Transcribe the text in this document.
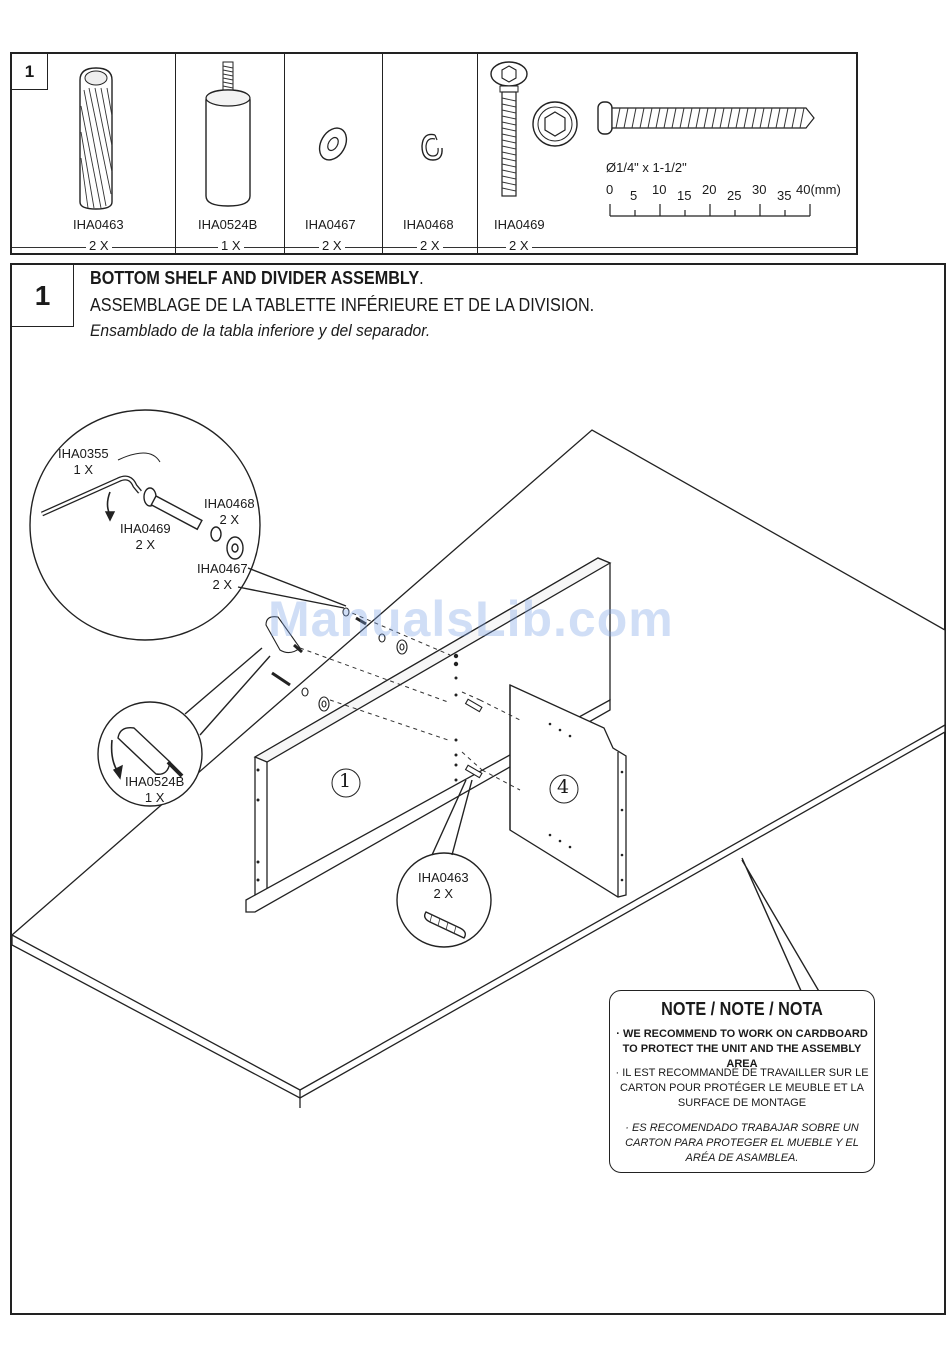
1
IHA0463
2 X
IHA0524B
1 X
IHA0467
2 X
IHA0468
2 X
Ø1/4" x 1-1/2"
0 5 10 15 20 25 30 35 40(mm)
IHA0469
2 X
1
BOTTOM SHELF AND DIVIDER ASSEMBLY.
ASSEMBLAGE DE LA TABLETTE INFÉRIEURE ET DE LA DIVISION.
Ensamblado de la tabla inferiore y del separador.
1	4
IHA0355
1 X
IHA0469
2 X
IHA0468
2 X
IHA0467
2 X
IHA0524B
1 X
IHA0463
2 X
ManualsLib.com
NOTE / NOTE / NOTA
· WE RECOMMEND TO WORK ON CARDBOARD TO PROTECT THE UNIT AND THE ASSEMBLY AREA
· IL EST RECOMMANDÉ DE TRAVAILLER SUR LE CARTON POUR PROTÉGER LE MEUBLE ET LA SURFACE DE MONTAGE
· ES RECOMENDADO TRABAJAR SOBRE UN CARTON PARA PROTEGER EL MUEBLE Y EL ARÉA DE ASAMBLEA.
